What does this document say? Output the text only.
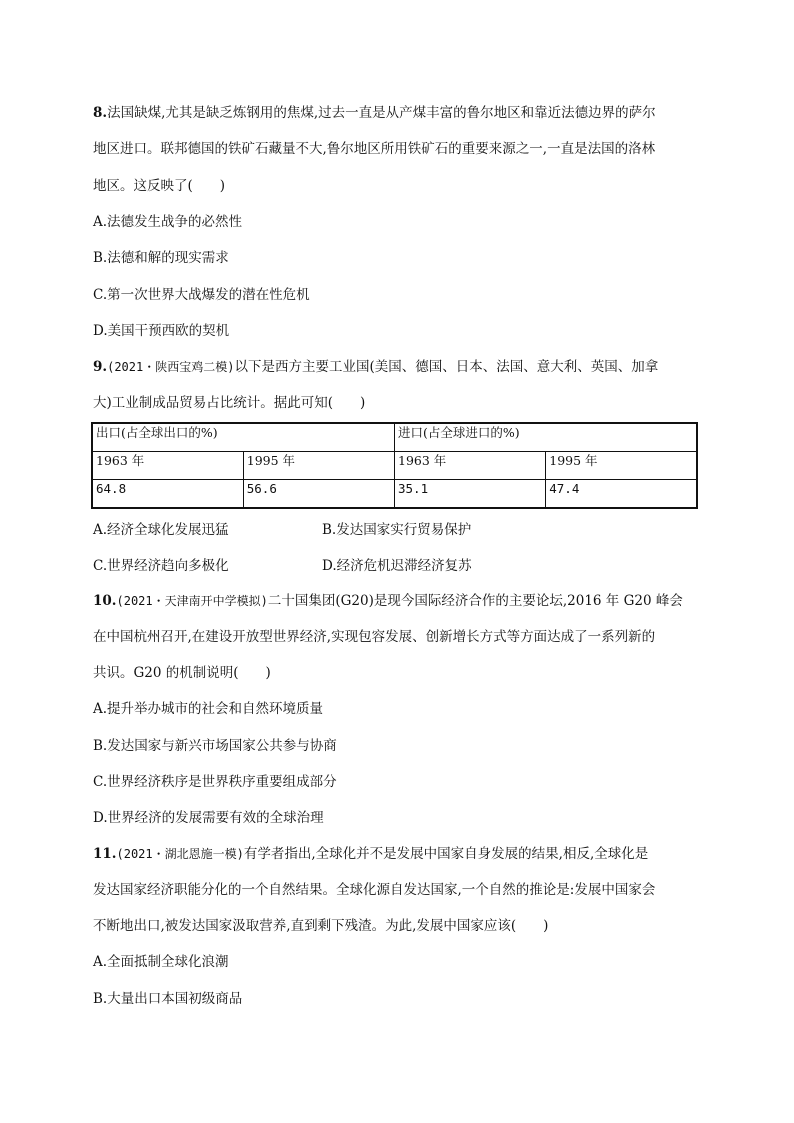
8.法国缺煤,尤其是缺乏炼钢用的焦煤,过去一直是从产煤丰富的鲁尔地区和靠近法德边界的萨尔
地区进口。联邦德国的铁矿石藏量不大,鲁尔地区所用铁矿石的重要来源之一,一直是法国的洛林
地区。这反映了(　　)
A.法德发生战争的必然性
B.法德和解的现实需求
C.第一次世界大战爆发的潜在性危机
D.美国干预西欧的契机
9.(2021・陕西宝鸡二模)以下是西方主要工业国(美国、德国、日本、法国、意大利、英国、加拿
大)工业制成品贸易占比统计。据此可知(　　)
出口(占全球出口的%)		进口(占全球进口的%)	
1963 年	1995 年	1963 年	1995 年
64.8	56.6	35.1	47.4
A.经济全球化发展迅猛	B.发达国家实行贸易保护
C.世界经济趋向多极化	D.经济危机迟滞经济复苏
10.(2021・天津南开中学模拟)二十国集团(G20)是现今国际经济合作的主要论坛,2016 年 G20 峰会
在中国杭州召开,在建设开放型世界经济,实现包容发展、创新增长方式等方面达成了一系列新的
共识。G20 的机制说明(　　)
A.提升举办城市的社会和自然环境质量
B.发达国家与新兴市场国家公共参与协商
C.世界经济秩序是世界秩序重要组成部分
D.世界经济的发展需要有效的全球治理
11.(2021・湖北恩施一模)有学者指出,全球化并不是发展中国家自身发展的结果,相反,全球化是
发达国家经济职能分化的一个自然结果。全球化源自发达国家,一个自然的推论是:发展中国家会
不断地出口,被发达国家汲取营养,直到剩下残渣。为此,发展中国家应该(　　)
A.全面抵制全球化浪潮
B.大量出口本国初级商品
